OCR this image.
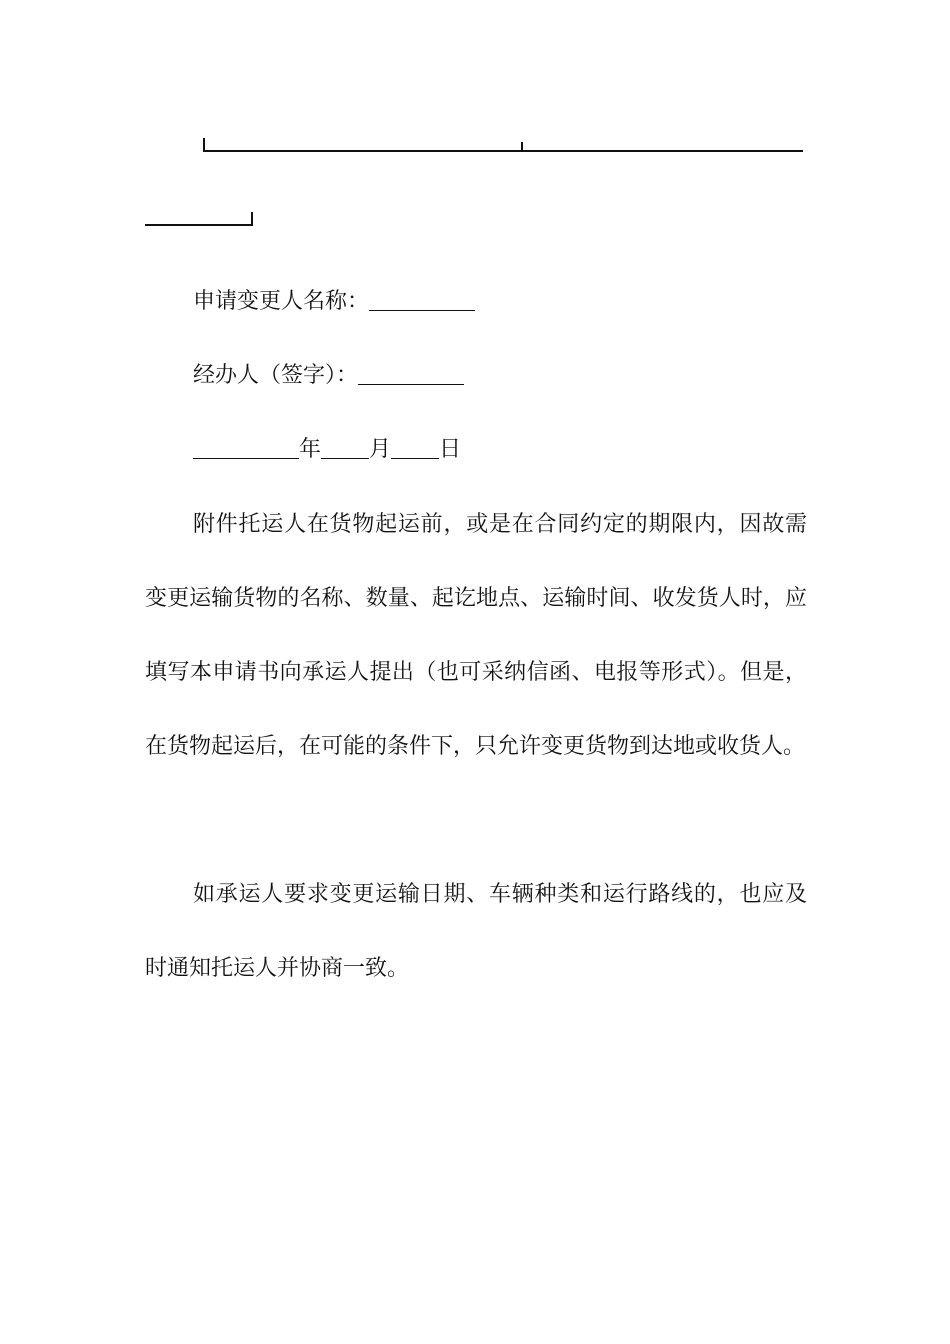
申请变更人名称：
经办人（签字）：
年 月 日

附件托运人在货物起运前，或是在合同约定的期限内，因故需变更运输货物的名称、数量、起讫地点、运输时间、收发货人时，应填写本申请书向承运人提出（也可采纳信函、电报等形式）。但是，在货物起运后，在可能的条件下，只允许变更货物到达地或收货人。

如承运人要求变更运输日期、车辆种类和运行路线的，也应及时通知托运人并协商一致。
